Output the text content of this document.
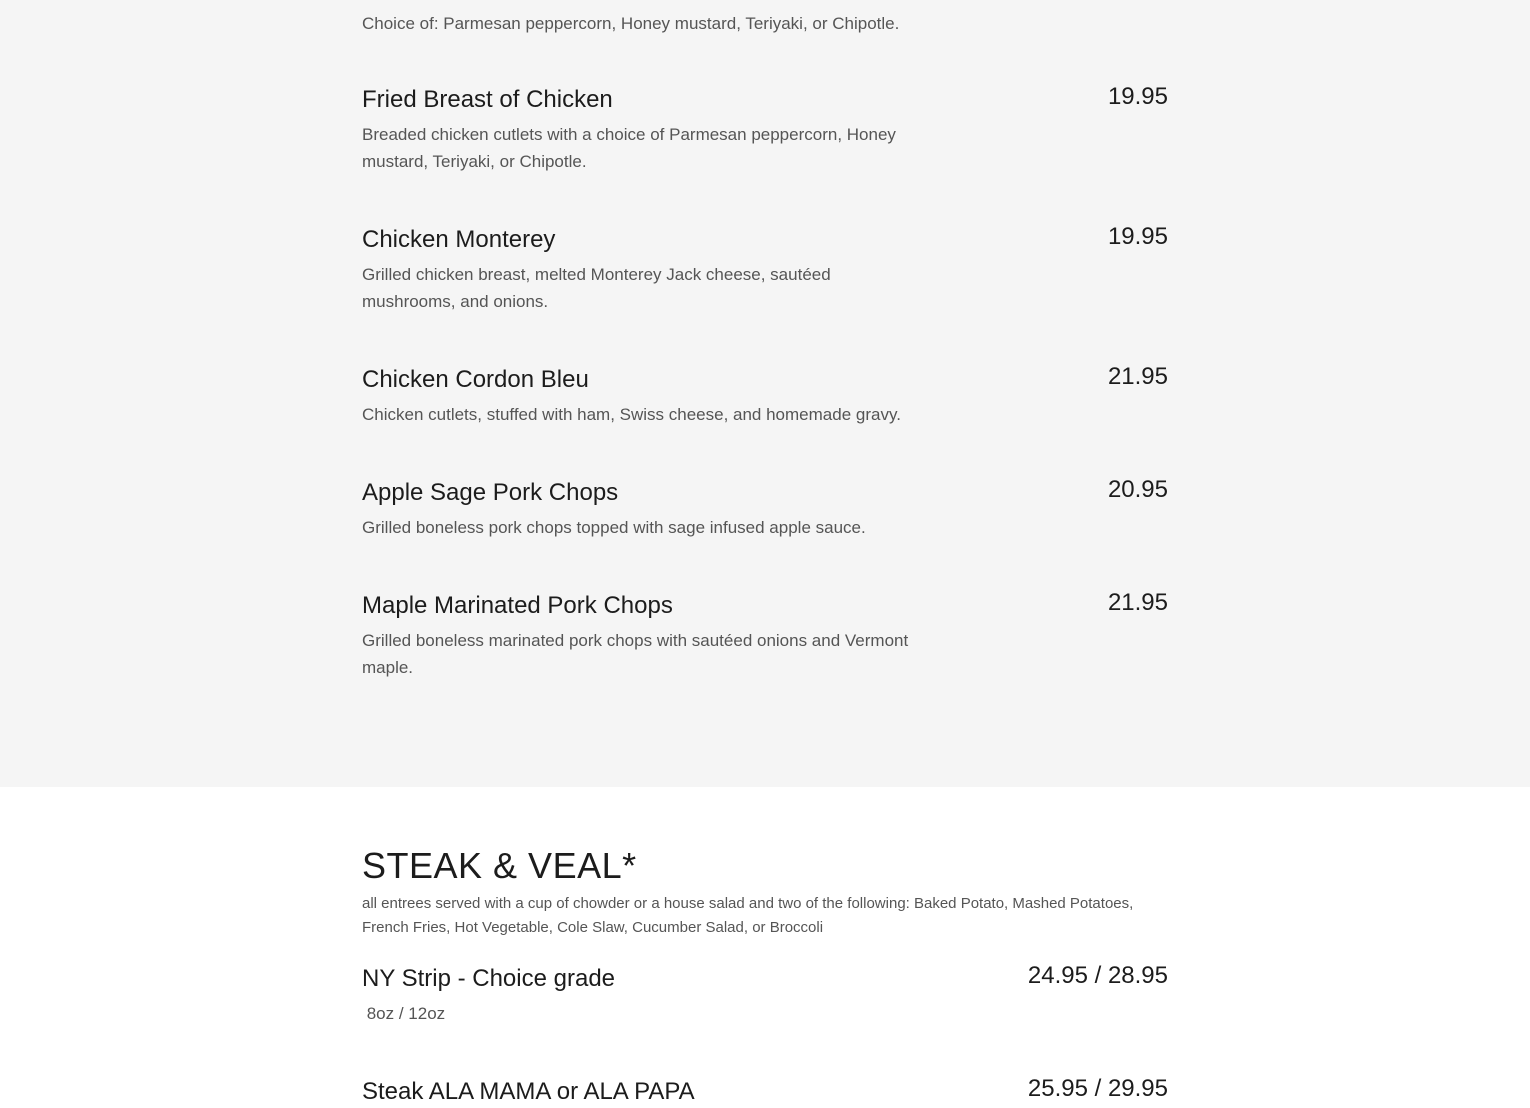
Choice of: Parmesan peppercorn, Honey mustard, Teriyaki, or Chipotle.
Fried Breast of Chicken	19.95
Breaded chicken cutlets with a choice of Parmesan peppercorn, Honey mustard, Teriyaki, or Chipotle.
Chicken Monterey	19.95
Grilled chicken breast, melted Monterey Jack cheese, sautéed mushrooms, and onions.
Chicken Cordon Bleu	21.95
Chicken cutlets, stuffed with ham, Swiss cheese, and homemade gravy.
Apple Sage Pork Chops	20.95
Grilled boneless pork chops topped with sage infused apple sauce.
Maple Marinated Pork Chops	21.95
Grilled boneless marinated pork chops with sautéed onions and Vermont maple.
STEAK & VEAL*
all entrees served with a cup of chowder or a house salad and two of the following: Baked Potato, Mashed Potatoes, French Fries, Hot Vegetable, Cole Slaw, Cucumber Salad, or Broccoli
NY Strip - Choice grade	24.95 / 28.95
8oz / 12oz
Steak ALA MAMA or ALA PAPA	25.95 / 29.95
